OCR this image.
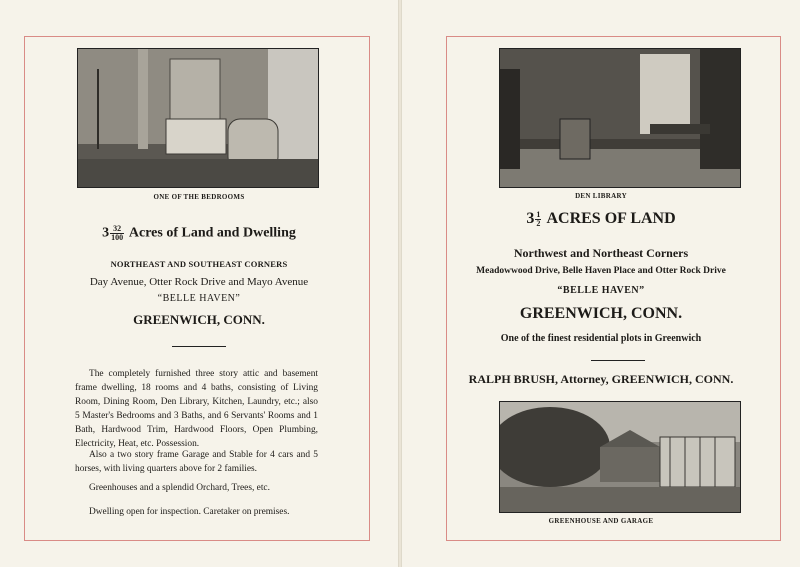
ONE OF THE BEDROOMS
$3 \frac{32}{100}$ Acres of Land and Dwelling
NORTHEAST AND SOUTHEAST CORNERS
Day Avenue, Otter Rock Drive and Mayo Avenue
“BELLE HAVEN”
GREENWICH, CONN.
The completely furnished three story attic and basement frame dwelling, 18 rooms and 4 baths, consisting of Living Room, Dining Room, Den Library, Kitchen, Laundry, etc.; also 5 Master's Bedrooms and 3 Baths, and 6 Servants' Rooms and 1 Bath, Hardwood Trim, Hardwood Floors, Open Plumbing, Electricity, Heat, etc. Possession.
Also a two story frame Garage and Stable for 4 cars and 5 horses, with living quarters above for 2 families.
Greenhouses and a splendid Orchard, Trees, etc.
Dwelling open for inspection. Caretaker on premises.
DEN LIBRARY
$3 \frac{1}{2}$ ACRES OF LAND
Northwest and Northeast Corners
Meadowwood Drive, Belle Haven Place and Otter Rock Drive
“BELLE HAVEN”
GREENWICH, CONN.
One of the finest residential plots in Greenwich
RALPH BRUSH, Attorney, GREENWICH, CONN.
GREENHOUSE AND GARAGE
